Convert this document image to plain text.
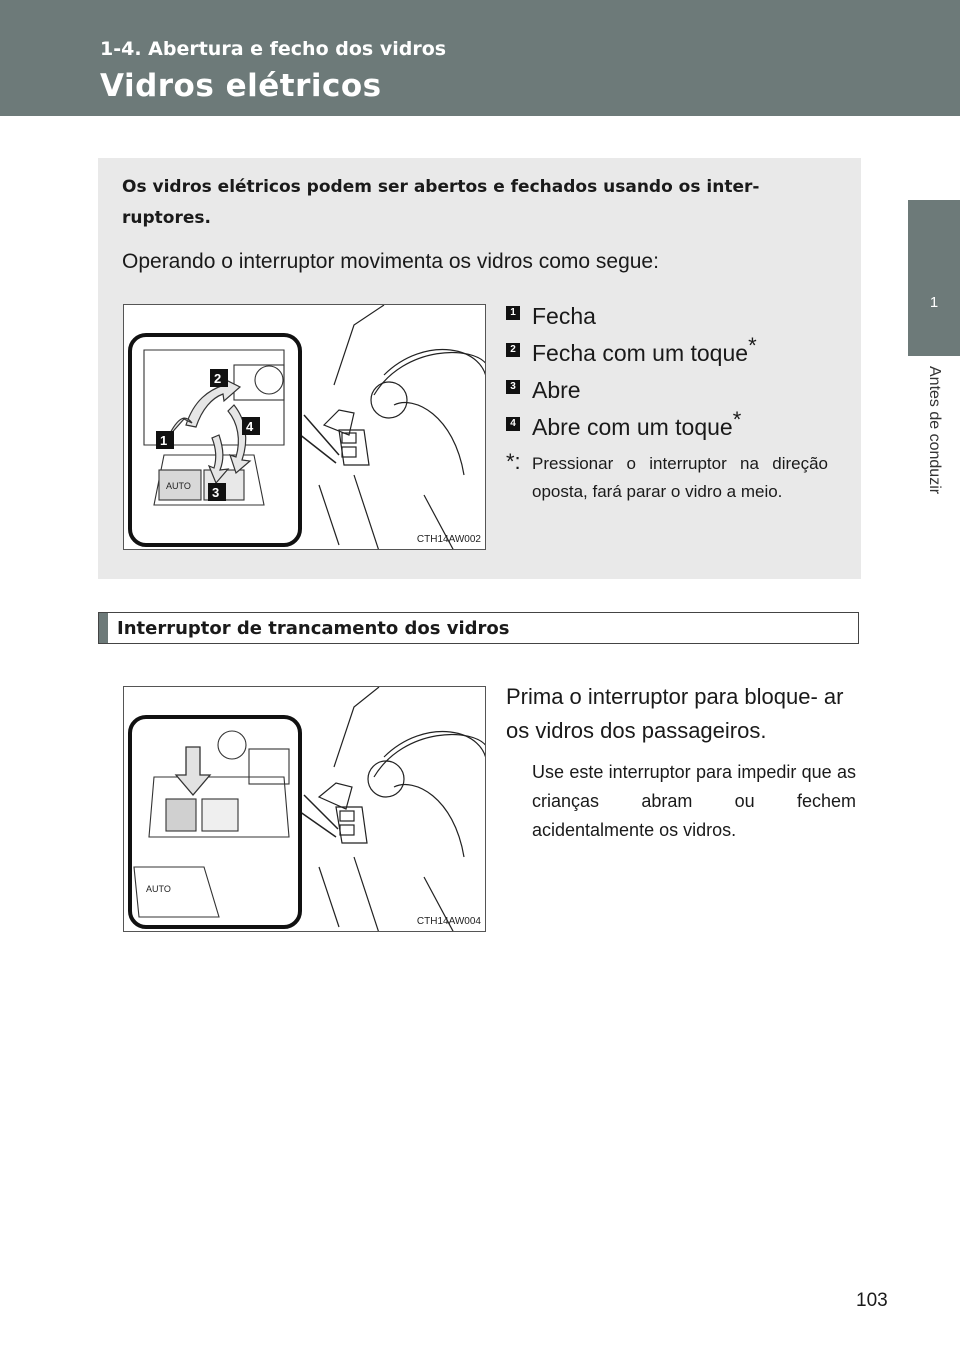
1-4. Abertura e fecho dos vidros
Vidros elétricos
1
Antes de conduzir
Os vidros elétricos podem ser abertos e fechados usando os inter- ruptores.
Operando o interruptor movimenta os vidros como segue:
AUTO
2
1
4
3
CTH14AW002
1 Fecha
2 Fecha com um toque*
3 Abre
4 Abre com um toque*
*: Pressionar o interruptor na direção oposta, fará parar o vidro a meio.
Interruptor de trancamento dos vidros
AUTO
CTH14AW004
Prima o interruptor para bloque- ar os vidros dos passageiros.
Use este interruptor para impedir que as crianças abram ou fechem acidentalmente os vidros.
103
